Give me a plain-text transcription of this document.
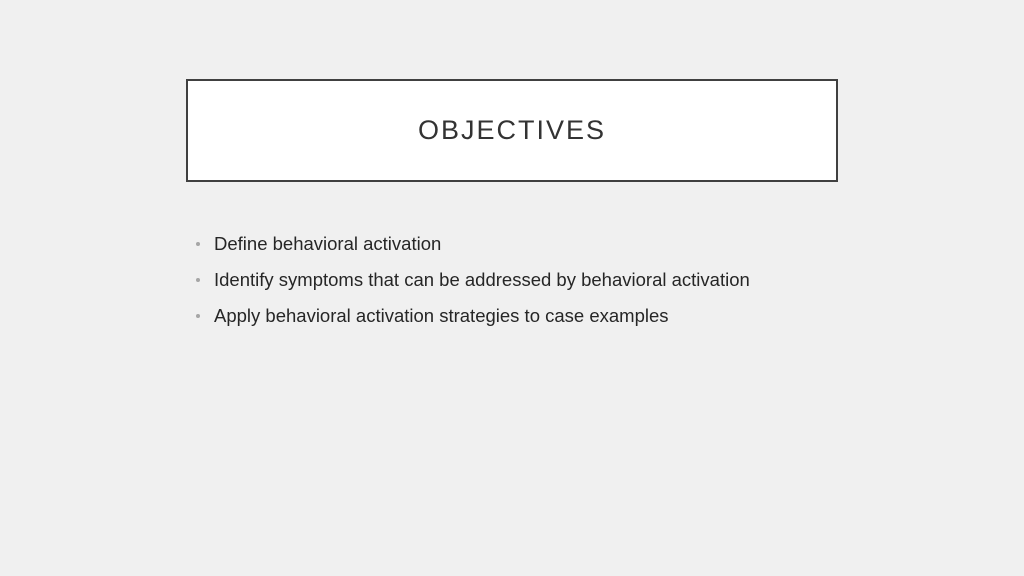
OBJECTIVES
Define behavioral activation
Identify symptoms that can be addressed by behavioral activation
Apply behavioral activation strategies to case examples
